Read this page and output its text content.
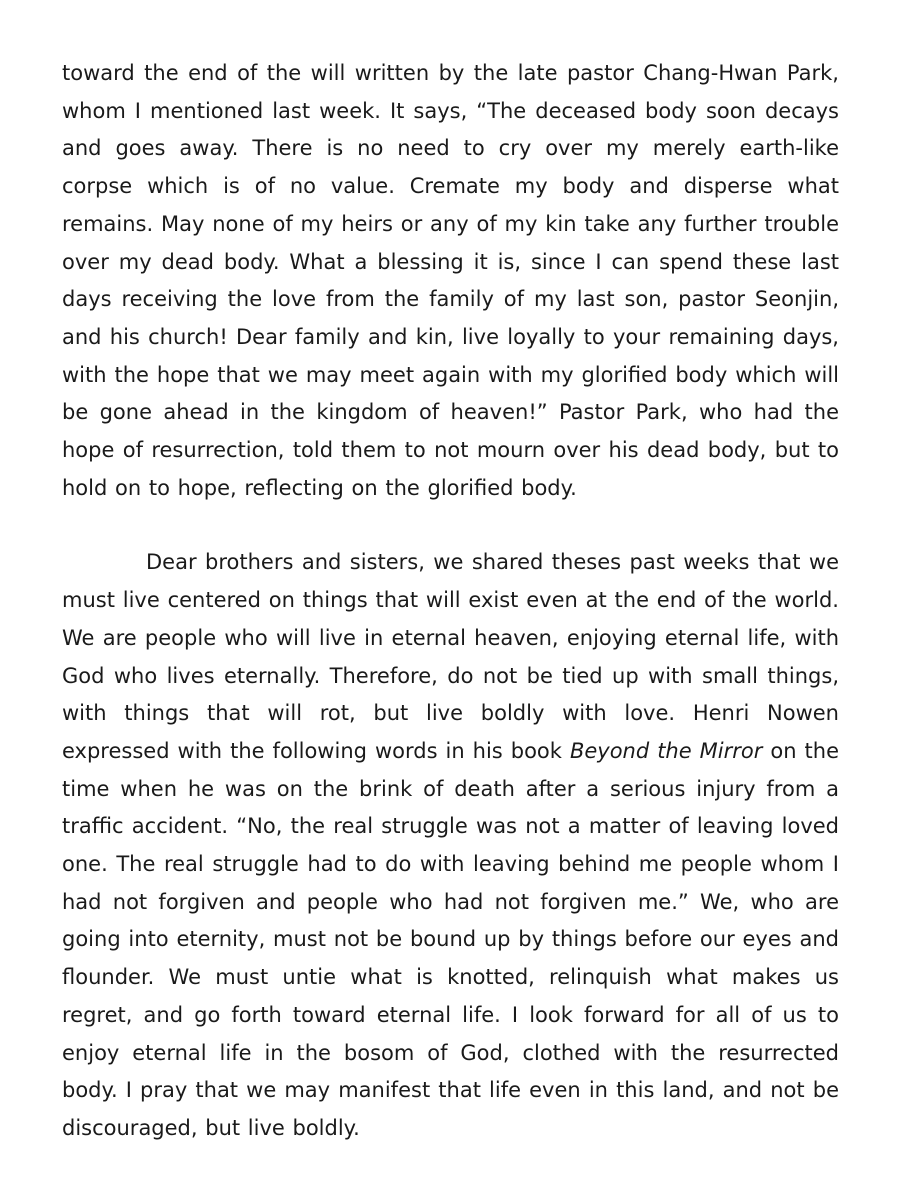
toward the end of the will written by the late pastor Chang-Hwan Park, whom I mentioned last week. It says, “The deceased body soon decays and goes away. There is no need to cry over my merely earth-like corpse which is of no value. Cremate my body and disperse what remains. May none of my heirs or any of my kin take any further trouble over my dead body. What a blessing it is, since I can spend these last days receiving the love from the family of my last son, pastor Seonjin, and his church! Dear family and kin, live loyally to your remaining days, with the hope that we may meet again with my glorified body which will be gone ahead in the kingdom of heaven!” Pastor Park, who had the hope of resurrection, told them to not mourn over his dead body, but to hold on to hope, reflecting on the glorified body.

Dear brothers and sisters, we shared theses past weeks that we must live centered on things that will exist even at the end of the world. We are people who will live in eternal heaven, enjoying eternal life, with God who lives eternally. Therefore, do not be tied up with small things, with things that will rot, but live boldly with love. Henri Nowen expressed with the following words in his book Beyond the Mirror on the time when he was on the brink of death after a serious injury from a traffic accident. “No, the real struggle was not a matter of leaving loved one. The real struggle had to do with leaving behind me people whom I had not forgiven and people who had not forgiven me.” We, who are going into eternity, must not be bound up by things before our eyes and flounder. We must untie what is knotted, relinquish what makes us regret, and go forth toward eternal life. I look forward for all of us to enjoy eternal life in the bosom of God, clothed with the resurrected body. I pray that we may manifest that life even in this land, and not be discouraged, but live boldly.
